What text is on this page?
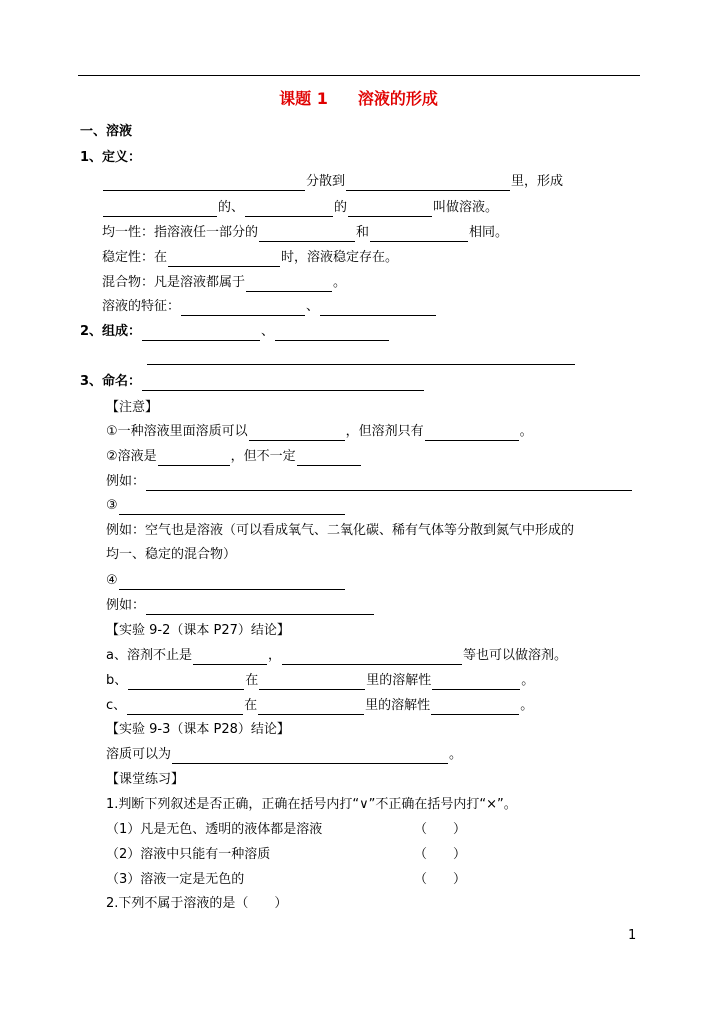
课题 1 溶液的形成
一、溶液
1、定义：
分散到	里，形成
的、	的	叫做溶液。
均一性：指溶液任一部分的	和	相同。
稳定性：在	时，溶液稳定存在。
混合物：凡是溶液都属于	。
溶液的特征：	、
2、组成：	、
3、命名：
【注意】
①一种溶液里面溶质可以	，但溶剂只有	。
②溶液是	，但不一定
例如：
③
例如：空气也是溶液（可以看成氧气、二氧化碳、稀有气体等分散到氮气中形成的
均一、稳定的混合物）
④
例如：
【实验 9-2（课本 P27）结论】
a、溶剂不止是	，	等也可以做溶剂。
b、	在	里的溶解性	。
c、	在	里的溶解性	。
【实验 9-3（课本 P28）结论】
溶质可以为	。
【课堂练习】
1.判断下列叙述是否正确，正确在括号内打“∨”不正确在括号内打“×”。
（1）凡是无色、透明的液体都是溶液	（　　）
（2）溶液中只能有一种溶质	（　　）
（3）溶液一定是无色的	（　　）
2.下列不属于溶液的是（　　）
1
